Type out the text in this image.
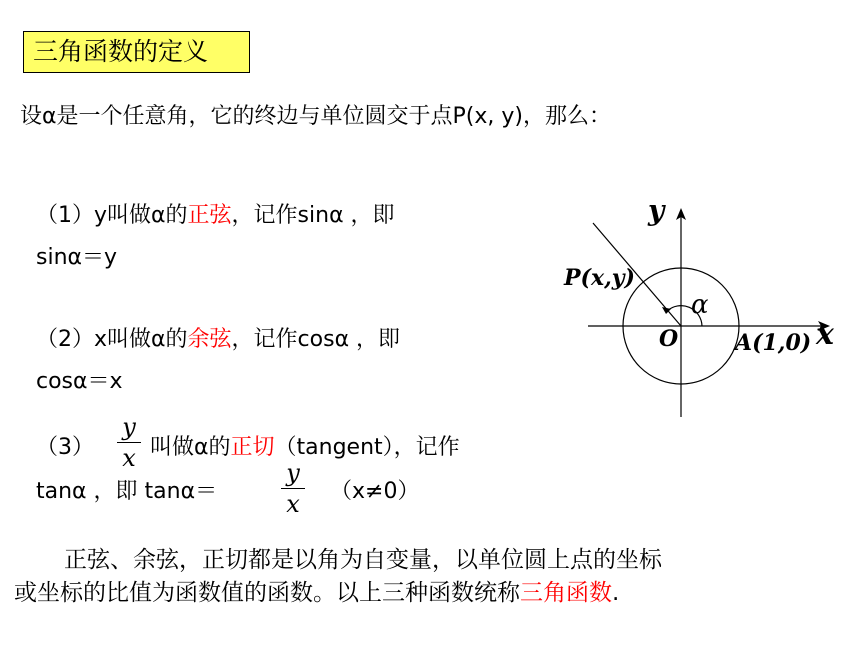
三角函数的定义
设α是一个任意角，它的终边与单位圆交于点P(x, y)，那么：
（1）y叫做α的正弦，记作sinα ，即
sinα＝y
（2）x叫做α的余弦，记作cosα ，即
cosα＝x
（3）
y
x 叫做α的正切（tangent），记作
tanα ，即 tanα＝
y
x （x≠0）
正弦、余弦，正切都是以角为自变量，以单位圆上点的坐标
或坐标的比值为函数值的函数。以上三种函数统称三角函数.
y
x
P(x,y)
O	A(1,0)
α
